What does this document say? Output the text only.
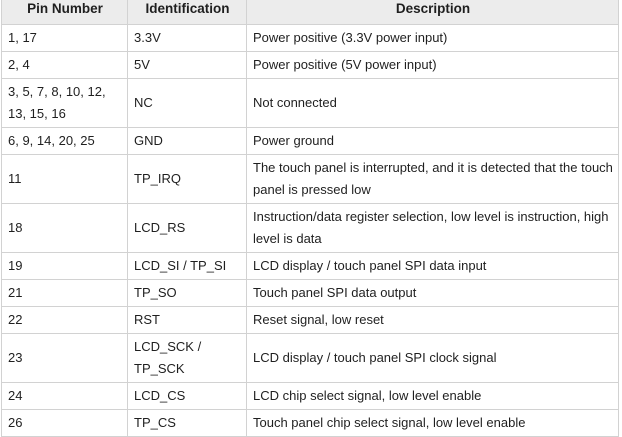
Pin Number	Identification	Description
1, 17	3.3V	Power positive (3.3V power input)
2, 4	5V	Power positive (5V power input)
3, 5, 7, 8, 10, 12, 13, 15, 16	NC	Not connected
6, 9, 14, 20, 25	GND	Power ground
11	TP_IRQ	The touch panel is interrupted, and it is detected that the touch panel is pressed low
18	LCD_RS	Instruction/data register selection, low level is instruction, high level is data
19	LCD_SI / TP_SI	LCD display / touch panel SPI data input
21	TP_SO	Touch panel SPI data output
22	RST	Reset signal, low reset
23	LCD_SCK / TP_SCK	LCD display / touch panel SPI clock signal
24	LCD_CS	LCD chip select signal, low level enable
26	TP_CS	Touch panel chip select signal, low level enable
